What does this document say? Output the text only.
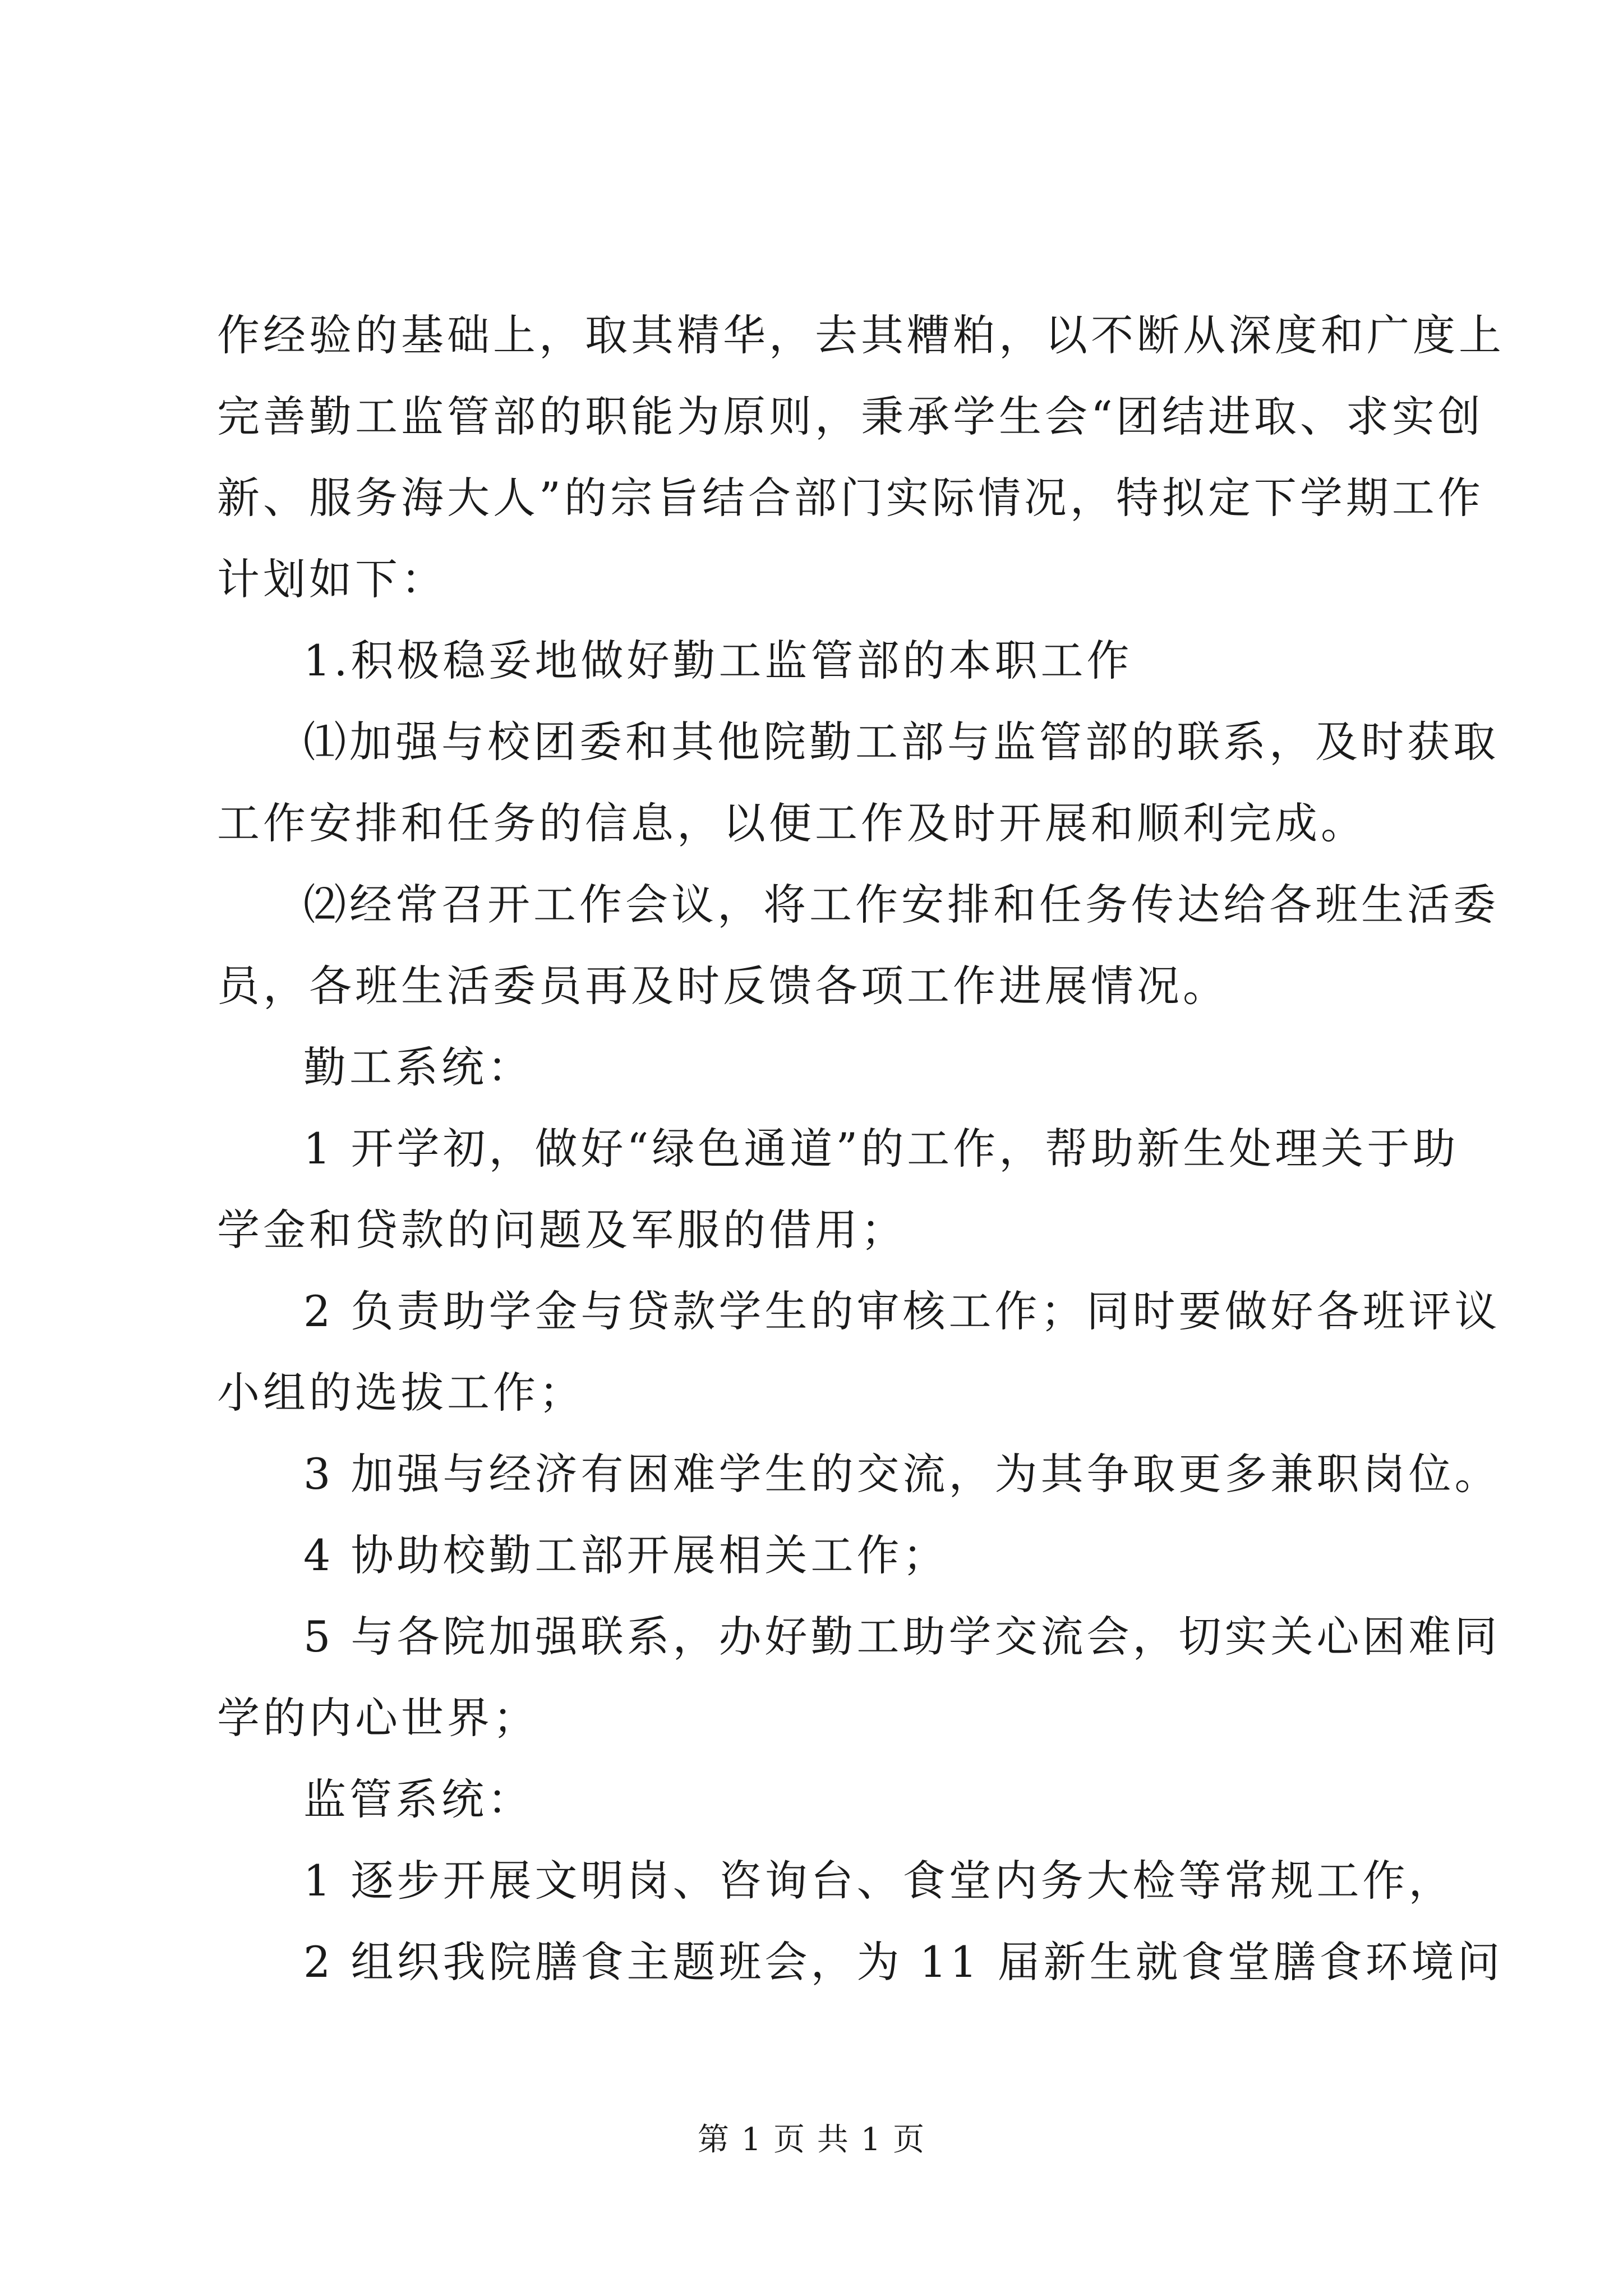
作经验的基础上，取其精华，去其糟粕，以不断从深度和广度上
完善勤工监管部的职能为原则，秉承学生会“团结进取、求实创
新、服务海大人”的宗旨结合部门实际情况，特拟定下学期工作
计划如下：
1.积极稳妥地做好勤工监管部的本职工作
⑴加强与校团委和其他院勤工部与监管部的联系，及时获取
工作安排和任务的信息，以便工作及时开展和顺利完成。
⑵经常召开工作会议，将工作安排和任务传达给各班生活委
员，各班生活委员再及时反馈各项工作进展情况。
勤工系统：
1 开学初，做好“绿色通道”的工作，帮助新生处理关于助
学金和贷款的问题及军服的借用；
2 负责助学金与贷款学生的审核工作；同时要做好各班评议
小组的选拔工作；
3 加强与经济有困难学生的交流，为其争取更多兼职岗位。
4 协助校勤工部开展相关工作；
5 与各院加强联系，办好勤工助学交流会，切实关心困难同
学的内心世界；
监管系统：
1 逐步开展文明岗、咨询台、食堂内务大检等常规工作，
2 组织我院膳食主题班会，为 11 届新生就食堂膳食环境问
第 1 页 共 1 页
